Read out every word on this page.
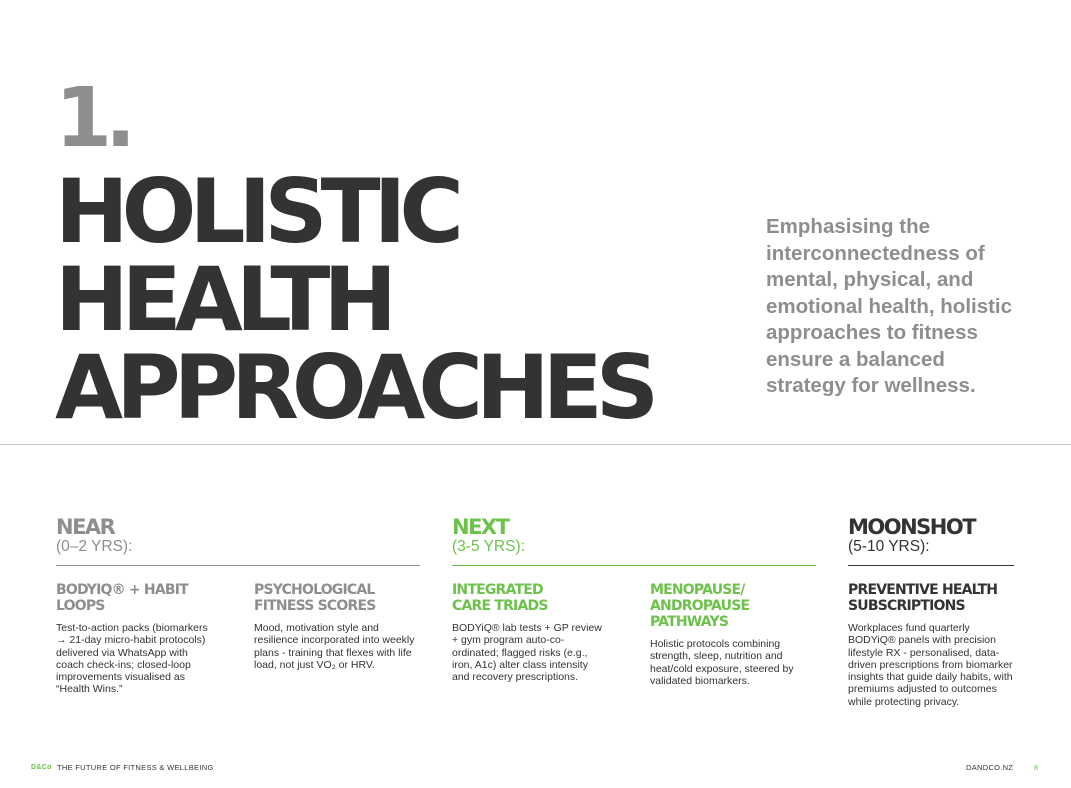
1.
HOLISTIC
HEALTH
APPROACHES

Emphasising the interconnectedness of mental, physical, and emotional health, holistic approaches to fitness ensure a balanced strategy for wellness.

NEAR
(0–2 YRS):
BODYIQ® + HABIT LOOPS

Test-to-action packs (biomarkers → 21-day micro-habit protocols) delivered via WhatsApp with coach check-ins; closed-loop improvements visualised as “Health Wins.”

PSYCHOLOGICAL FITNESS SCORES

Mood, motivation style and resilience incorporated into weekly plans - training that flexes with life load, not just VO₂ or HRV.

NEXT
(3-5 YRS):
INTEGRATED CARE TRIADS

BODYiQ® lab tests + GP review + gym program auto-co-ordinated; flagged risks (e.g., iron, A1c) alter class intensity and recovery prescriptions.

MENOPAUSE/ ANDROPAUSE PATHWAYS

Holistic protocols combining strength, sleep, nutrition and heat/cold exposure, steered by validated biomarkers.

MOONSHOT
(5-10 YRS):
PREVENTIVE HEALTH SUBSCRIPTIONS

Workplaces fund quarterly BODYiQ® panels with precision lifestyle RX - personalised, data-driven prescriptions from biomarker insights that guide daily habits, with premiums adjusted to outcomes while protecting privacy.

D&Co THE FUTURE OF FITNESS & WELLBEING	DANDCO.NZ	8
